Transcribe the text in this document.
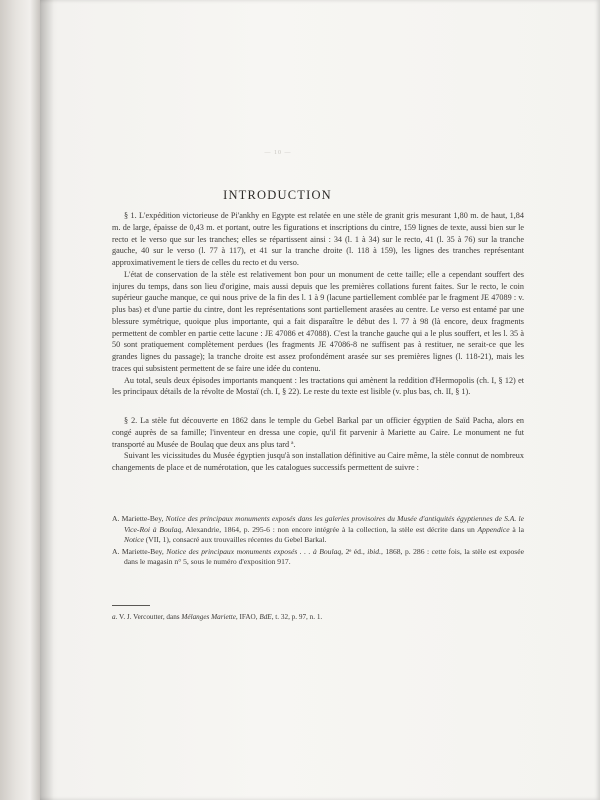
— 10 —
INTRODUCTION

§ 1. L'expédition victorieuse de Pi'ankhy en Egypte est relatée en une stèle de granit gris mesurant 1,80 m. de haut, 1,84 m. de large, épaisse de 0,43 m. et portant, outre les figurations et inscriptions du cintre, 159 lignes de texte, aussi bien sur le recto et le verso que sur les tranches; elles se répartissent ainsi : 34 (l. 1 à 34) sur le recto, 41 (l. 35 à 76) sur la tranche gauche, 40 sur le verso (l. 77 à 117), et 41 sur la tranche droite (l. 118 à 159), les lignes des tranches représentant approximativement le tiers de celles du recto et du verso.

L'état de conservation de la stèle est relativement bon pour un monument de cette taille; elle a cependant souffert des injures du temps, dans son lieu d'origine, mais aussi depuis que les premières collations furent faites. Sur le recto, le coin supérieur gauche manque, ce qui nous prive de la fin des l. 1 à 9 (lacune partiellement comblée par le fragment JE 47089 : v. plus bas) et d'une partie du cintre, dont les représentations sont partiellement arasées au centre. Le verso est entamé par une blessure symétrique, quoique plus importante, qui a fait disparaître le début des l. 77 à 98 (là encore, deux fragments permettent de combler en partie cette lacune : JE 47086 et 47088). C'est la tranche gauche qui a le plus souffert, et les l. 35 à 50 sont pratiquement complètement perdues (les fragments JE 47086-8 ne suffisent pas à restituer, ne serait-ce que les grandes lignes du passage); la tranche droite est assez profondément arasée sur ses premières lignes (l. 118-21), mais les traces qui subsistent permettent de se faire une idée du contenu.

Au total, seuls deux épisodes importants manquent : les tractations qui amènent la reddition d'Hermopolis (ch. I, § 12) et les principaux détails de la révolte de Mostaï (ch. I, § 22). Le reste du texte est lisible (v. plus bas, ch. II, § 1).

§ 2. La stèle fut découverte en 1862 dans le temple du Gebel Barkal par un officier égyptien de Saïd Pacha, alors en congé auprès de sa famille; l'inventeur en dressa une copie, qu'il fit parvenir à Mariette au Caire. Le monument ne fut transporté au Musée de Boulaq que deux ans plus tard ª.

Suivant les vicissitudes du Musée égyptien jusqu'à son installation définitive au Caire même, la stèle connut de nombreux changements de place et de numérotation, que les catalogues successifs permettent de suivre :

A. Mariette-Bey, Notice des principaux monuments exposés dans les galeries provisoires du Musée d'antiquités égyptiennes de S.A. le Vice-Roi à Boulaq, Alexandrie, 1864, p. 295-6 : non encore intégrée à la collection, la stèle est décrite dans un Appendice à la Notice (VII, 1), consacré aux trouvailles récentes du Gebel Barkal.

A. Mariette-Bey, Notice des principaux monuments exposés . . . à Boulaq, 2ᵉ éd., ibid., 1868, p. 286 : cette fois, la stèle est exposée dans le magasin n° 5, sous le numéro d'exposition 917.

a. V. J. Vercoutter, dans Mélanges Mariette, IFAO, BdE, t. 32, p. 97, n. 1.
